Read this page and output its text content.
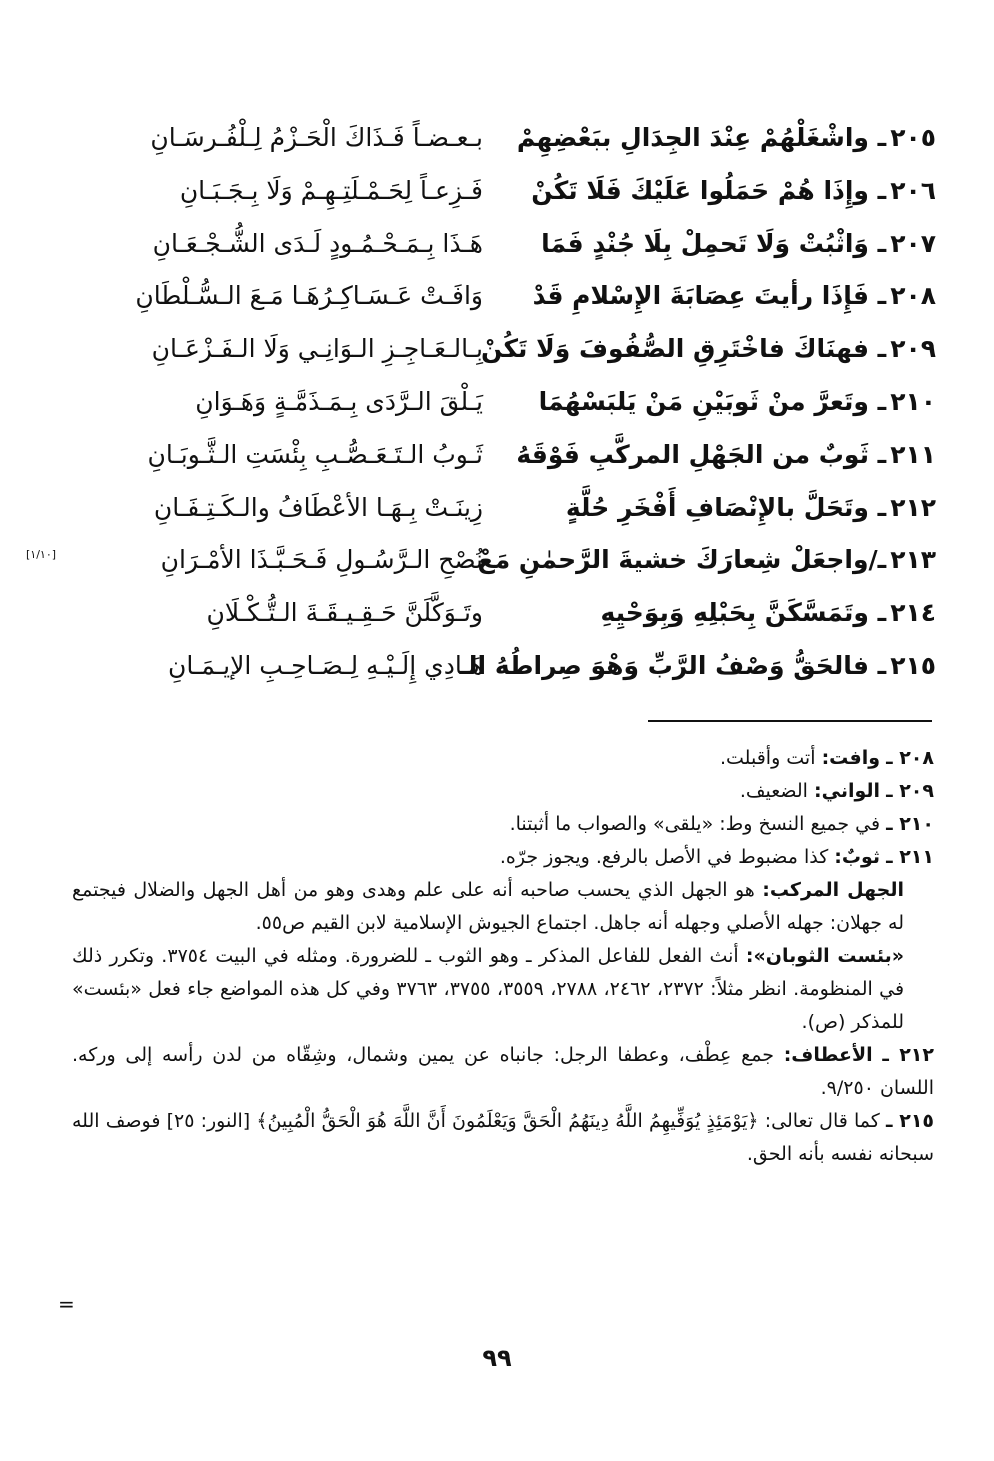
٢٠٥ـ واشْغَلْهُمْ عِنْدَ الجِدَالِ ببَعْضِهِمْ
بـعـضـاً فَـذَاكَ الْحَـزْمُ لِـلْفُـرسَـانِ
٢٠٦ـ وإِذَا هُمْ حَمَلُوا عَلَيْكَ فَلَا تَكُنْ
فَـزِعـاً لِحَـمْـلَتِـهِـمْ وَلَا بِـجَـبَـانِ
٢٠٧ـ وَاثْبُتْ وَلَا تَحمِلْ بِلَا جُنْدٍ فَمَا
هَـذَا بِـمَـحْـمُـودٍ لَـدَى الشُّـجْـعَـانِ
٢٠٨ـ فَإِذَا رأيتَ عِصَابَةَ الإِسْلامِ قَدْ
وَافَـتْ عَـسَـاكِـرُهَـا مَـعَ الـسُّـلْطَانِ
٢٠٩ـ فهنَاكَ فاخْتَرِقِ الصُّفُوفَ وَلَا تَكُنْ
بِـالـعَـاجِـزِ الـوَانِـي وَلَا الـفَـزْعَـانِ
٢١٠ـ وتَعرَّ منْ ثَوبَيْنِ مَنْ يَلبَسْهُمَا
يَـلْقَ الـرَّدَى بِـمَـذَمَّـةٍ وَهَـوَانِ
٢١١ـ ثَوبٌ من الجَهْلِ المركَّبِ فَوْقَهُ
ثَـوبُ الـتَـعَـصُّـبِ بِئْسَتِ الـثَّـوبَـانِ
٢١٢ـ وتَحَلَّ بالإِنْصَافِ أَفْخَرِ حُلَّةٍ
زِينَـتْ بِـهَـا الأعْطَافُ والـكَـتِـفَـانِ
٢١٣ـ/واجعَلْ شِعارَكَ خشيةَ الرَّحمٰنِ مَعْ
نُصْحِ الـرَّسُـولِ فَـحَـبَّـذَا الأمْـرَانِ
[١/١٠]
٢١٤ـ وتَمَسَّكَنَّ بِحَبْلِهِ وَبِوَحْيِهِ
وتَـوَكَّلَنَّ حَـقِـيـقَـةَ الـتُّـكْـلَانِ
٢١٥ـ فالحَقُّ وَصْفُ الرَّبِّ وَهْوَ صِراطُهُ الـ
هَـادِي إِلَـيْـهِ لِـصَـاحِـبِ الإيـمَـانِ

٢٠٨ ـ وافت: أتت وأقبلت.

٢٠٩ ـ الواني: الضعيف.

٢١٠ ـ في جميع النسخ وط: «يلقى» والصواب ما أثبتنا.

٢١١ ـ ثوبٌ: كذا مضبوط في الأصل بالرفع. ويجوز جرّه.

الجهل المركب: هو الجهل الذي يحسب صاحبه أنه على علم وهدى وهو من أهل الجهل والضلال فيجتمع له جهلان: جهله الأصلي وجهله أنه جاهل. اجتماع الجيوش الإسلامية لابن القيم ص٥٥.

«بئست الثوبان»: أنث الفعل للفاعل المذكر ـ وهو الثوب ـ للضرورة. ومثله في البيت ٣٧٥٤. وتكرر ذلك في المنظومة. انظر مثلاً: ٢٣٧٢، ٢٤٦٢، ٢٧٨٨، ٣٥٥٩، ٣٧٥٥، ٣٧٦٣ وفي كل هذه المواضع جاء فعل «بئست» للمذكر (ص).

٢١٢ ـ الأعطاف: جمع عِطْف، وعطفا الرجل: جانباه عن يمين وشمال، وشِقّاه من لدن رأسه إلى وركه. اللسان ٩/٢٥٠.

٢١٥ ـ كما قال تعالى: ﴿يَوْمَئِذٍ يُوَفِّيهِمُ اللَّهُ دِينَهُمُ الْحَقَّ وَيَعْلَمُونَ أَنَّ اللَّهَ هُوَ الْحَقُّ الْمُبِينُ﴾ [النور: ٢٥] فوصف الله سبحانه نفسه بأنه الحق.

=
٩٩
